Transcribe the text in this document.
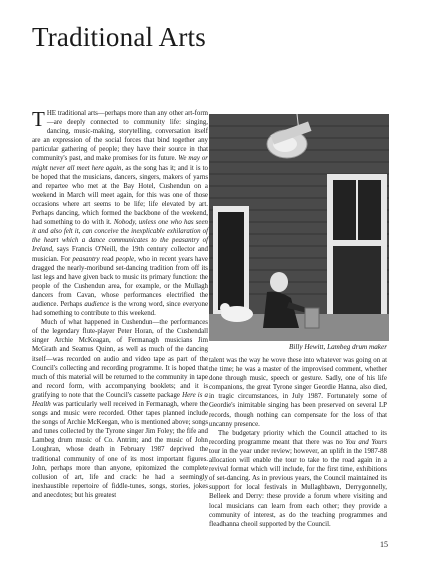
Traditional Arts

THE traditional arts—perhaps more than any other art-form—are deeply connected to community life: singing, dancing, music-making, storytelling, conversation itself are an expression of the social forces that bind together any particular gathering of people; they have their source in that community's past, and make promises for its future. We may or might never all meet here again, as the song has it; and it is to be hoped that the musicians, dancers, singers, makers of yarns and repartee who met at the Bay Hotel, Cushendun on a weekend in March will meet again, for this was one of those occasions where art seems to be life; life elevated by art. Perhaps dancing, which formed the backbone of the weekend, had something to do with it. Nobody, unless one who has seen it and also felt it, can conceive the inexplicable exhilaration of the heart which a dance communicates to the peasantry of Ireland, says Francis O'Neill, the 19th century collector and musician. For peasantry read people, who in recent years have dragged the nearly-moribund set-dancing tradition from off its last legs and have given back to music its primary function: the people of the Cushendun area, for example, or the Mullagh dancers from Cavan, whose performances electrified the audience. Perhaps audience is the wrong word, since everyone had something to contribute to this weekend.

Much of what happened in Cushendun—the performances of the legendary flute-player Peter Horan, of the Cushendall singer Archie McKeagan, of Fermanagh musicians Jim McGrath and Seamus Quinn, as well as much of the dancing itself—was recorded on audio and video tape as part of the Council's collecting and recording programme. It is hoped that much of this material will be returned to the community in tape and record form, with accompanying booklets; and it is gratifying to note that the Council's cassette package Here is a Health was particularly well received in Fermanagh, where the songs and music were recorded. Other tapes planned include the songs of Archie McKeegan, who is mentioned above; songs and tunes collected by the Tyrone singer Jim Foley; the fife and Lambeg drum music of Co. Antrim; and the music of John Loughran, whose death in February 1987 deprived the traditional community of one of its most important figures. John, perhaps more than anyone, epitomized the complete collusion of art, life and crack: he had a seemingly inexhaustible repertoire of fiddle-tunes, songs, stories, jokes and anecdotes; but his greatest

Billy Hewitt, Lambeg drum maker

talent was the way he wove these into whatever was going on at the time; he was a master of the improvised comment, whether done through music, speech or gesture. Sadly, one of his life companions, the great Tyrone singer Geordie Hanna, also died, in tragic circumstances, in July 1987. Fortunately some of Geordie's inimitable singing has been preserved on several LP records, though nothing can compensate for the loss of that uncanny presence.

The budgetary priority which the Council attached to its recording programme meant that there was no You and Yours tour in the year under review; however, an uplift in the 1987-88 allocation will enable the tour to take to the road again in a revival format which will include, for the first time, exhibitions of set-dancing. As in previous years, the Council maintained its support for local festivals in Mullaghbawn, Derrygonnelly, Belleek and Derry: these provide a forum where visiting and local musicians can learn from each other; they provide a community of interest, as do the teaching programmes and fleadhanna cheoil supported by the Council.

15
